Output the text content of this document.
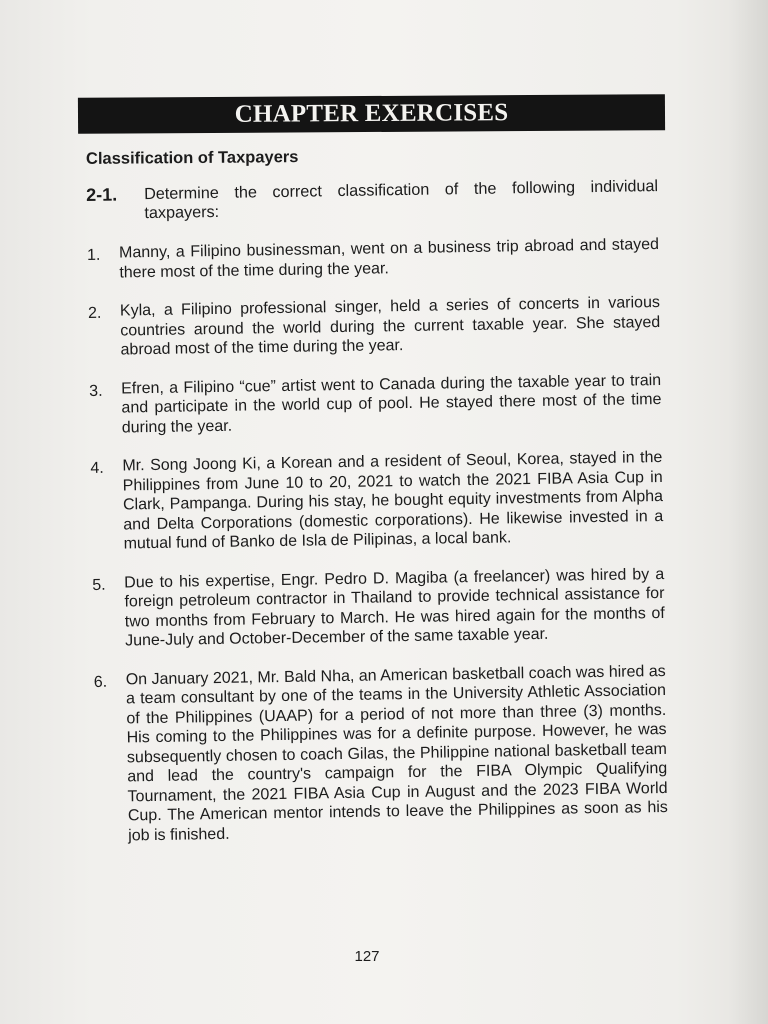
CHAPTER EXERCISES
Classification of Taxpayers
2-1.	Determine the correct classification of the following individual taxpayers:
1.	Manny, a Filipino businessman, went on a business trip abroad and stayed there most of the time during the year.
2.	Kyla, a Filipino professional singer, held a series of concerts in various countries around the world during the current taxable year. She stayed abroad most of the time during the year.
3.	Efren, a Filipino “cue” artist went to Canada during the taxable year to train and participate in the world cup of pool. He stayed there most of the time during the year.
4.	Mr. Song Joong Ki, a Korean and a resident of Seoul, Korea, stayed in the Philippines from June 10 to 20, 2021 to watch the 2021 FIBA Asia Cup in Clark, Pampanga. During his stay, he bought equity investments from Alpha and Delta Corporations (domestic corporations). He likewise invested in a mutual fund of Banko de Isla de Pilipinas, a local bank.
5.	Due to his expertise, Engr. Pedro D. Magiba (a freelancer) was hired by a foreign petroleum contractor in Thailand to provide technical assistance for two months from February to March. He was hired again for the months of June-July and October-December of the same taxable year.
6.	On January 2021, Mr. Bald Nha, an American basketball coach was hired as a team consultant by one of the teams in the University Athletic Association of the Philippines (UAAP) for a period of not more than three (3) months. His coming to the Philippines was for a definite purpose. However, he was subsequently chosen to coach Gilas, the Philippine national basketball team and lead the country's campaign for the FIBA Olympic Qualifying Tournament, the 2021 FIBA Asia Cup in August and the 2023 FIBA World Cup. The American mentor intends to leave the Philippines as soon as his job is finished.
127
